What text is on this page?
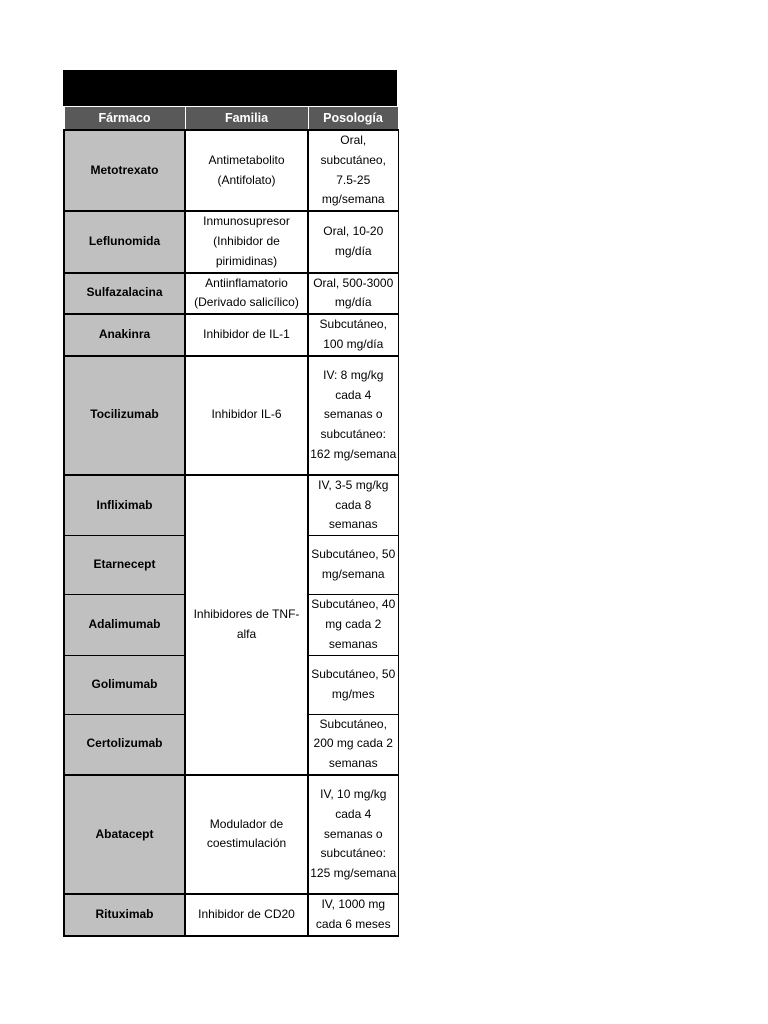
Fármaco	Familia	Posología
Metotrexato	Antimetabolito (Antifolato)	Oral, subcutáneo, 7.5-25 mg/semana
Leflunomida	Inmunosupresor (Inhibidor de pirimidinas)	Oral, 10-20 mg/día
Sulfazalacina	Antiinflamatorio (Derivado salicílico)	Oral, 500-3000 mg/día
Anakinra	Inhibidor de IL-1	Subcutáneo, 100 mg/día
Tocilizumab	Inhibidor IL-6	IV: 8 mg/kg cada 4 semanas o subcutáneo: 162 mg/semana
Infliximab	Inhibidores de TNF-alfa	IV, 3-5 mg/kg cada 8 semanas
Etarnecept		Subcutáneo, 50 mg/semana
Adalimumab		Subcutáneo, 40 mg cada 2 semanas
Golimumab		Subcutáneo, 50 mg/mes
Certolizumab		Subcutáneo, 200 mg cada 2 semanas
Abatacept	Modulador de coestimulación	IV, 10 mg/kg cada 4 semanas o subcutáneo: 125 mg/semana
Rituximab	Inhibidor de CD20	IV, 1000 mg cada 6 meses
